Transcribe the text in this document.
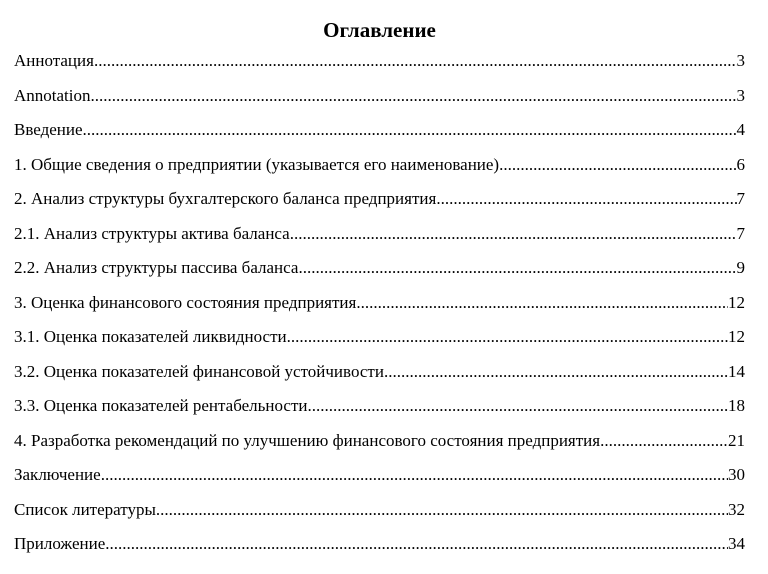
Оглавление
Аннотация .....	3
Annotation .....	3
Введение .....	4
1. Общие сведения о предприятии (указывается его наименование) .....	6
2. Анализ структуры бухгалтерского баланса предприятия .....	7
2.1. Анализ структуры актива баланса .....	7
2.2. Анализ структуры пассива баланса .....	9
3. Оценка финансового состояния предприятия .....	12
3.1. Оценка показателей ликвидности .....	12
3.2. Оценка показателей финансовой устойчивости .....	14
3.3. Оценка показателей рентабельности .....	18
4. Разработка рекомендаций по улучшению финансового состояния предприятия .....	21
Заключение .....	30
Список литературы .....	32
Приложение .....	34
